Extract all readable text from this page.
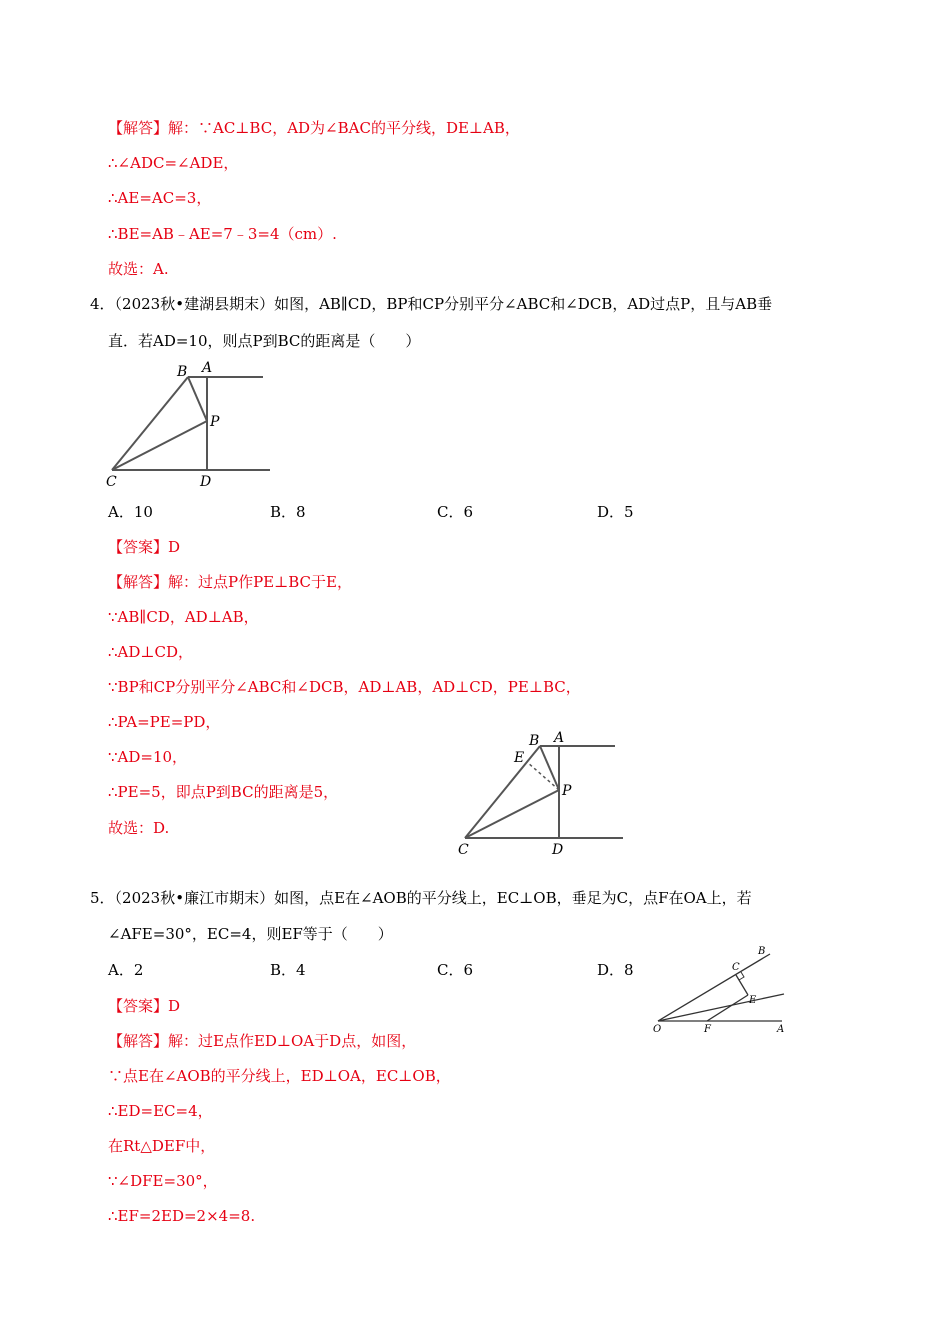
【解答】解：∵AC⊥BC，AD为∠BAC的平分线，DE⊥AB，
∴∠ADC=∠ADE，
∴AE=AC=3，
∴BE=AB﹣AE=7﹣3=4（cm）.
故选：A.
4．（2023秋•建湖县期末）如图，AB∥CD，BP和CP分别平分∠ABC和∠DCB，AD过点P，且与AB垂
直．若AD=10，则点P到BC的距离是（　　）
B A
P
C	D
A．10	B．8	C．6	D．5
【答案】D
【解答】解：过点P作PE⊥BC于E，
∵AB∥CD，AD⊥AB，
∴AD⊥CD，
∵BP和CP分别平分∠ABC和∠DCB，AD⊥AB，AD⊥CD，PE⊥BC，
∴PA=PE=PD，
∵AD=10，
∴PE=5，即点P到BC的距离是5，
故选：D.
B A
E
P
C	D
5．（2023秋•廉江市期末）如图，点E在∠AOB的平分线上，EC⊥OB，垂足为C，点F在OA上，若
∠AFE=30°，EC=4，则EF等于（　　）
A．2	B．4	C．6	D．8
B
C
E
O	F	A
【答案】D
【解答】解：过E点作ED⊥OA于D点，如图，
∵点E在∠AOB的平分线上，ED⊥OA，EC⊥OB，
∴ED=EC=4，
在Rt△DEF中，
∵∠DFE=30°，
∴EF=2ED=2×4=8.
